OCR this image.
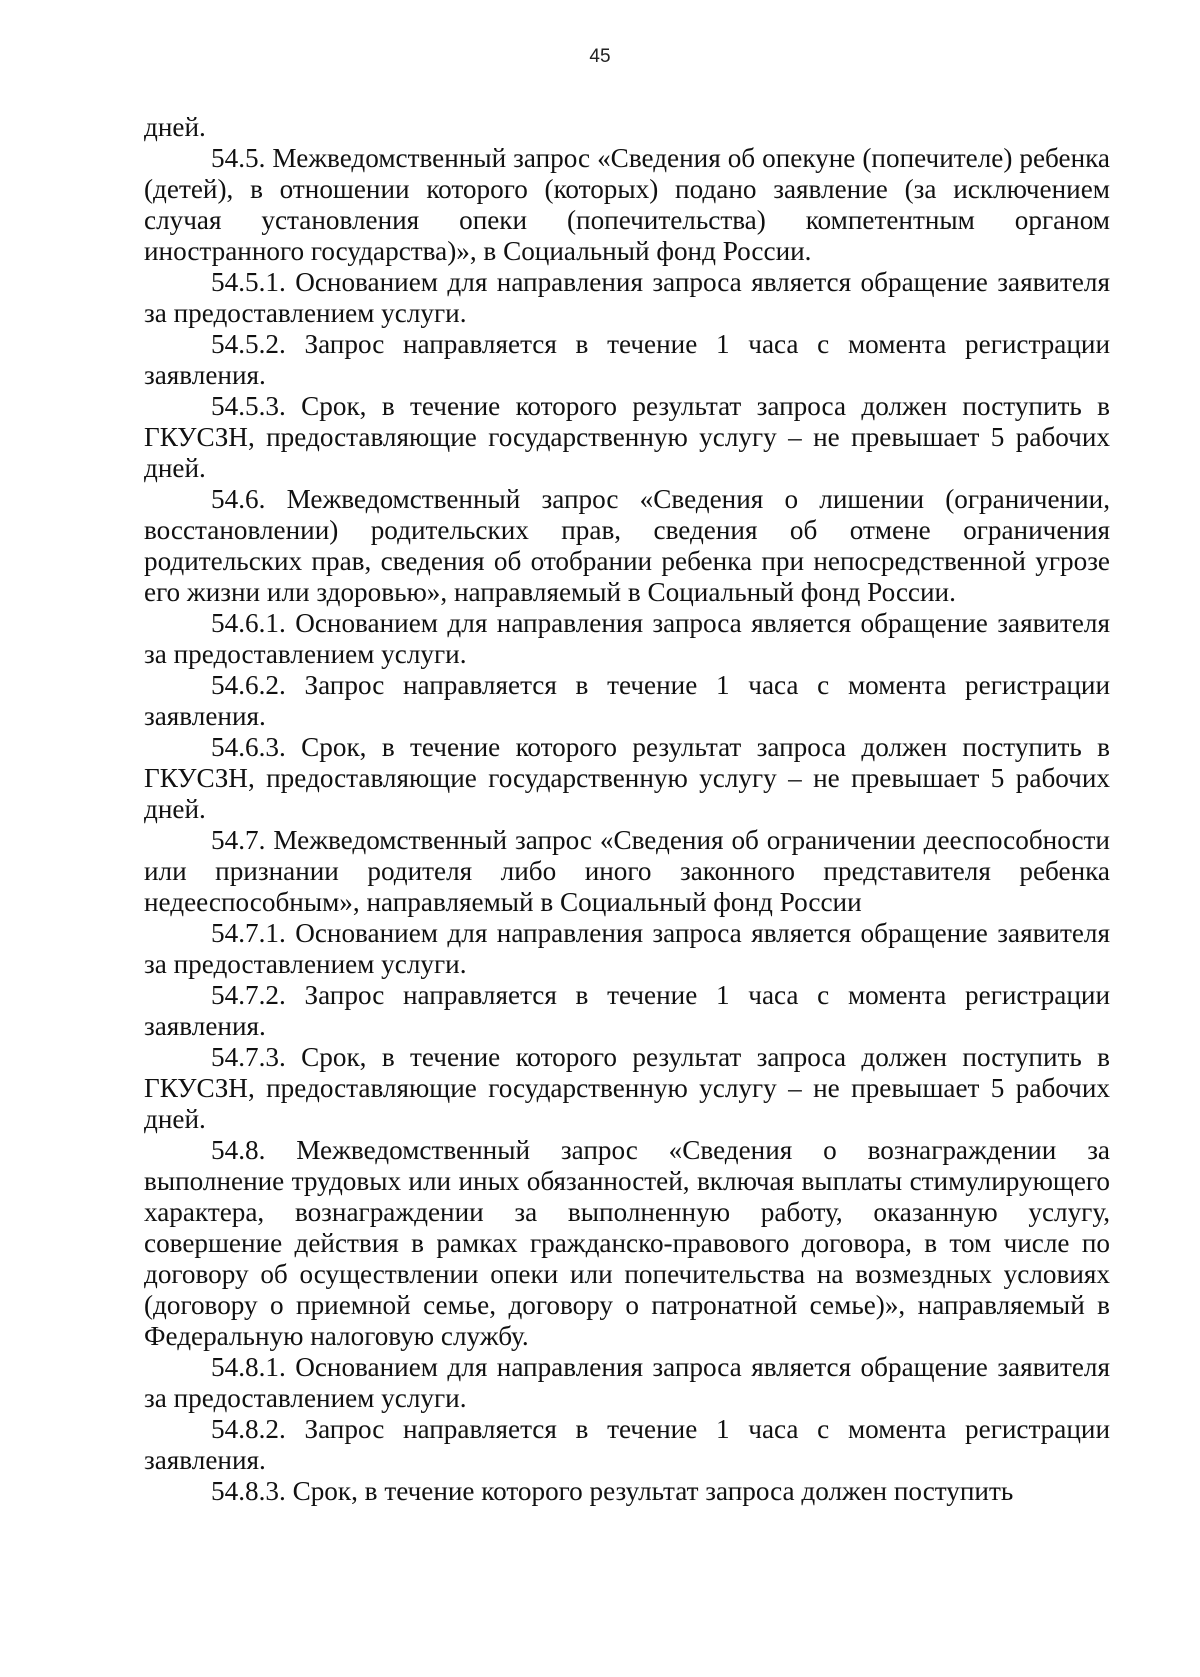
45

дней.

54.5. Межведомственный запрос «Сведения об опекуне (попечителе) ребенка (детей), в отношении которого (которых) подано заявление (за исключением случая установления опеки (попечительства) компетентным органом иностранного государства)», в Социальный фонд России.

54.5.1. Основанием для направления запроса является обращение заявителя за предоставлением услуги.

54.5.2. Запрос направляется в течение 1 часа с момента регистрации заявления.

54.5.3. Срок, в течение которого результат запроса должен поступить в ГКУСЗН, предоставляющие государственную услугу – не превышает 5 рабочих дней.

54.6. Межведомственный запрос «Сведения о лишении (ограничении, восстановлении) родительских прав, сведения об отмене ограничения родительских прав, сведения об отобрании ребенка при непосредственной угрозе его жизни или здоровью», направляемый в Социальный фонд России.

54.6.1. Основанием для направления запроса является обращение заявителя за предоставлением услуги.

54.6.2. Запрос направляется в течение 1 часа с момента регистрации заявления.

54.6.3. Срок, в течение которого результат запроса должен поступить в ГКУСЗН, предоставляющие государственную услугу – не превышает 5 рабочих дней.

54.7. Межведомственный запрос «Сведения об ограничении дееспособности или признании родителя либо иного законного представителя ребенка недееспособным», направляемый в Социальный фонд России

54.7.1. Основанием для направления запроса является обращение заявителя за предоставлением услуги.

54.7.2. Запрос направляется в течение 1 часа с момента регистрации заявления.

54.7.3. Срок, в течение которого результат запроса должен поступить в ГКУСЗН, предоставляющие государственную услугу – не превышает 5 рабочих дней.

54.8. Межведомственный запрос «Сведения о вознаграждении за выполнение трудовых или иных обязанностей, включая выплаты стимулирующего характера, вознаграждении за выполненную работу, оказанную услугу, совершение действия в рамках гражданско-правового договора, в том числе по договору об осуществлении опеки или попечительства на возмездных условиях (договору о приемной семье, договору о патронатной семье)», направляемый в Федеральную налоговую службу.

54.8.1. Основанием для направления запроса является обращение заявителя за предоставлением услуги.

54.8.2. Запрос направляется в течение 1 часа с момента регистрации заявления.

54.8.3. Срок, в течение которого результат запроса должен поступить
